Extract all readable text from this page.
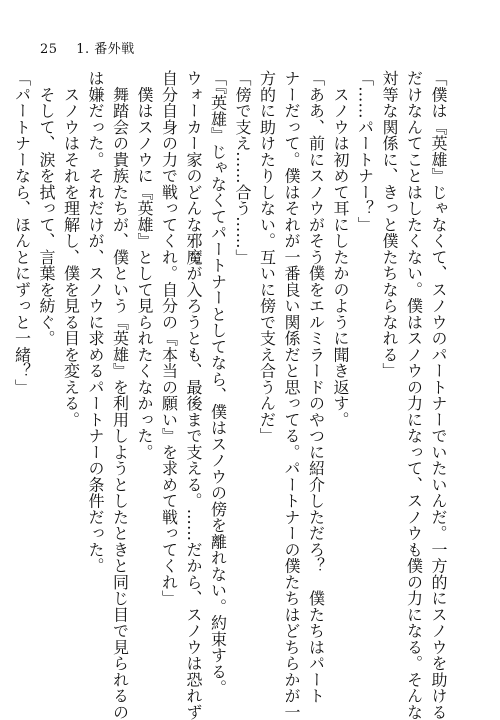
25 1. 番外戦

「僕は『英雄』じゃなくて、スノウのパートナーでいたいんだ。一方的にスノウを助ける

だけなんてことはしたくない。僕はスノウの力になって、スノウも僕の力になる。そんな

対等な関係に、きっと僕たちならなれる」

「……パートナー？」

　スノウは初めて耳にしたかのように聞き返す。

「ああ、前にスノウがそう僕をエルミラードのやつに紹介しただろ？　僕たちはパート

ナーだって。僕はそれが一番良い関係だと思ってる。パートナーの僕たちはどちらかが一

方的に助けたりしない。互いに傍で支え合うんだ」

「傍で支え……合う……」

「『英雄』じゃなくてパートナーとしてなら、僕はスノウの傍を離れない。約束する。

ウォーカー家のどんな邪魔が入ろうとも、最後まで支える。……だから、スノウは恐れず

自分自身の力で戦ってくれ。自分の『本当の願い』を求めて戦ってくれ」

　僕はスノウに『英雄』として見られたくなかった。

　舞踏会の貴族たちが、僕という『英雄』を利用しようとしたときと同じ目で見られるの

は嫌だった。それだけが、スノウに求めるパートナーの条件だった。

　スノウはそれを理解し、僕を見る目を変える。

　そして、涙を拭って、言葉を紡ぐ。

「パートナーなら、ほんとにずっと一緒？」
